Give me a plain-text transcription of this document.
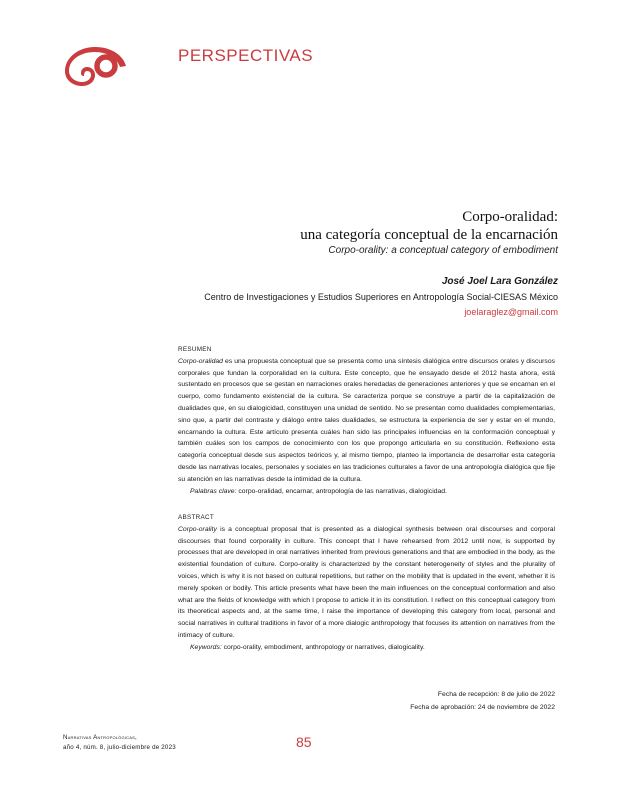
PERSPECTIVAS
Corpo-oralidad:
una categoría conceptual de la encarnación
Corpo-orality: a conceptual category of embodiment
José Joel Lara González
Centro de Investigaciones y Estudios Superiores en Antropología Social-CIESAS México
joelaraglez@gmail.com
RESUMEN

Corpo-oralidad es una propuesta conceptual que se presenta como una síntesis dialógica entre discursos orales y discursos corporales que fundan la corporalidad en la cultura. Este concepto, que he ensayado desde el 2012 hasta ahora, está sustentado en procesos que se gestan en narraciones orales heredadas de generaciones anteriores y que se encarnan en el cuerpo, como fundamento existencial de la cultura. Se caracteriza porque se construye a partir de la capitalización de dualidades que, en su dialogicidad, constituyen una unidad de sentido. No se presentan como dualidades complementarias, sino que, a partir del contraste y diálogo entre tales dualidades, se estructura la experiencia de ser y estar en el mundo, encarnando la cultura. Este artículo presenta cuáles han sido las principales influencias en la conformación conceptual y también cuáles son los campos de conocimiento con los que propongo articularla en su constitución. Reflexiono esta categoría conceptual desde sus aspectos teóricos y, al mismo tiempo, planteo la importancia de desarrollar esta categoría desde las narrativas locales, personales y sociales en las tradiciones culturales a favor de una antropología dialógica que fije su atención en las narrativas desde la intimidad de la cultura.

Palabras clave: corpo-oralidad, encarnar, antropología de las narrativas, dialogicidad.

ABSTRACT

Corpo-orality is a conceptual proposal that is presented as a dialogical synthesis between oral discourses and corporal discourses that found corporality in culture. This concept that I have rehearsed from 2012 until now, is supported by processes that are developed in oral narratives inherited from previous generations and that are embodied in the body, as the existential foundation of culture. Corpo-orality is characterized by the constant heterogeneity of styles and the plurality of voices, which is why it is not based on cultural repetitions, but rather on the mobility that is updated in the event, whether it is merely spoken or bodily. This article presents what have been the main influences on the conceptual conformation and also what are the fields of knowledge with which I propose to article it in its constitution. I reflect on this conceptual category from its theoretical aspects and, at the same time, I raise the importance of developing this category from local, personal and social narratives in cultural traditions in favor of a more dialogic anthropology that focuses its attention on narratives from the intimacy of culture.

Keywords: corpo-orality, embodiment, anthropology or narratives, dialogicality.

Fecha de recepción: 8 de julio de 2022
Fecha de aprobación: 24 de noviembre de 2022
Narrativas Antropológicas,
año 4, núm. 8, julio-diciembre de 2023	85
